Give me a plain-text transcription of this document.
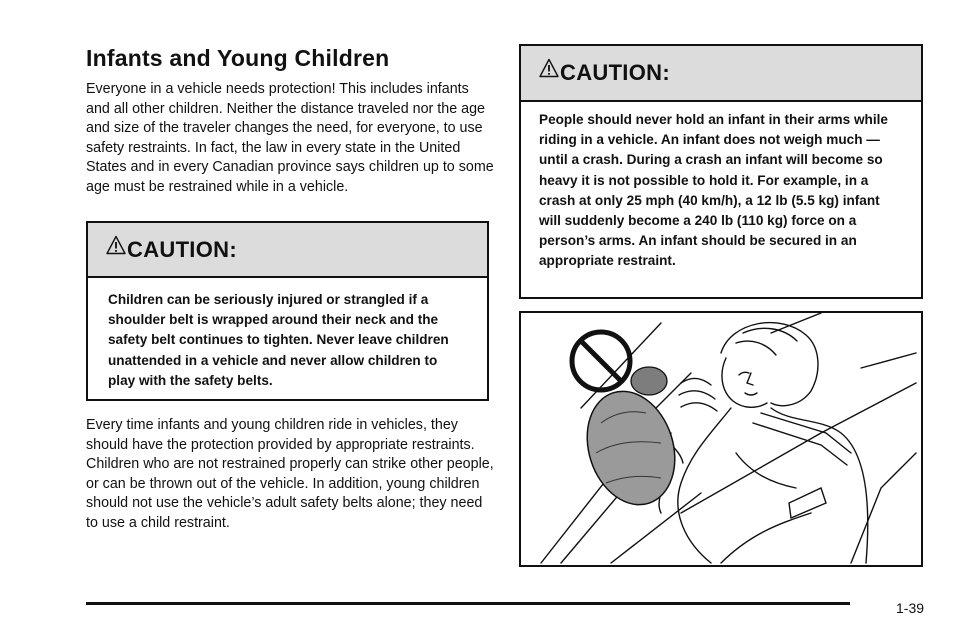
Infants and Young Children

Everyone in a vehicle needs protection! This includes infants and all other children. Neither the distance traveled nor the age and size of the traveler changes the need, for everyone, to use safety restraints. In fact, the law in every state in the United States and in every Canadian province says children up to some age must be restrained while in a vehicle.

CAUTION:

Children can be seriously injured or strangled if a shoulder belt is wrapped around their neck and the safety belt continues to tighten. Never leave children unattended in a vehicle and never allow children to play with the safety belts.

Every time infants and young children ride in vehicles, they should have the protection provided by appropriate restraints. Children who are not restrained properly can strike other people, or can be thrown out of the vehicle. In addition, young children should not use the vehicle’s adult safety belts alone; they need to use a child restraint.

CAUTION:

People should never hold an infant in their arms while riding in a vehicle. An infant does not weigh much — until a crash. During a crash an infant will become so heavy it is not possible to hold it. For example, in a crash at only 25 mph (40 km/h), a 12 lb (5.5 kg) infant will suddenly become a 240 lb (110 kg) force on a person’s arms. An infant should be secured in an appropriate restraint.

1-39
